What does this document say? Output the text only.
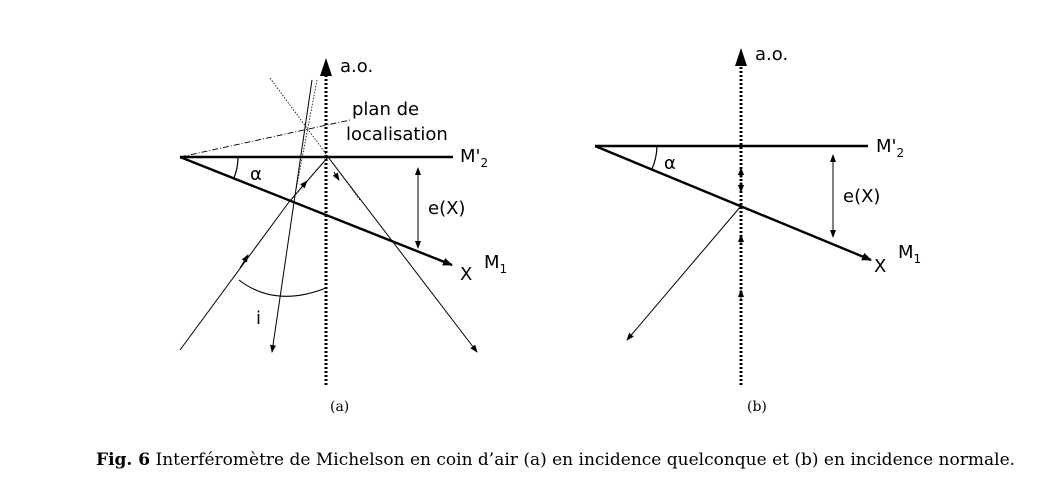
a.o.
α
i
e(X)
plan de
localisation
$M'_2$
X
$M_1$
(a)
a.o.
α
e(X)
$M'_2$
X
$M_1$
(b)
Fig. 6 Interféromètre de Michelson en coin d’air (a) en incidence quelconque et (b) en incidence normale.
